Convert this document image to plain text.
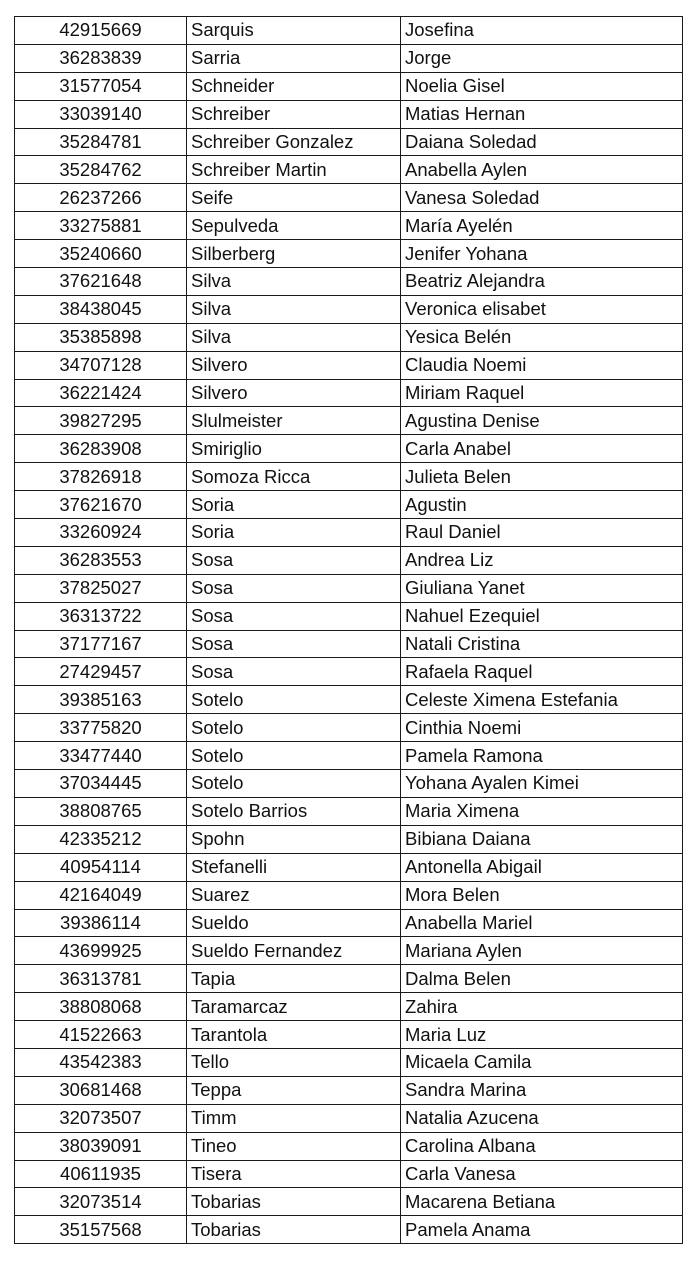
42915669	Sarquis	Josefina
36283839	Sarria	Jorge
31577054	Schneider	Noelia Gisel
33039140	Schreiber	Matias Hernan
35284781	Schreiber Gonzalez	Daiana Soledad
35284762	Schreiber Martin	Anabella Aylen
26237266	Seife	Vanesa Soledad
33275881	Sepulveda	María Ayelén
35240660	Silberberg	Jenifer Yohana
37621648	Silva	Beatriz Alejandra
38438045	Silva	Veronica elisabet
35385898	Silva	Yesica Belén
34707128	Silvero	Claudia Noemi
36221424	Silvero	Miriam Raquel
39827295	Slulmeister	Agustina Denise
36283908	Smiriglio	Carla Anabel
37826918	Somoza Ricca	Julieta Belen
37621670	Soria	Agustin
33260924	Soria	Raul Daniel
36283553	Sosa	Andrea Liz
37825027	Sosa	Giuliana Yanet
36313722	Sosa	Nahuel Ezequiel
37177167	Sosa	Natali Cristina
27429457	Sosa	Rafaela Raquel
39385163	Sotelo	Celeste Ximena Estefania
33775820	Sotelo	Cinthia Noemi
33477440	Sotelo	Pamela Ramona
37034445	Sotelo	Yohana Ayalen Kimei
38808765	Sotelo Barrios	Maria Ximena
42335212	Spohn	Bibiana Daiana
40954114	Stefanelli	Antonella Abigail
42164049	Suarez	Mora Belen
39386114	Sueldo	Anabella Mariel
43699925	Sueldo Fernandez	Mariana Aylen
36313781	Tapia	Dalma Belen
38808068	Taramarcaz	Zahira
41522663	Tarantola	Maria Luz
43542383	Tello	Micaela Camila
30681468	Teppa	Sandra Marina
32073507	Timm	Natalia Azucena
38039091	Tineo	Carolina Albana
40611935	Tisera	Carla Vanesa
32073514	Tobarias	Macarena Betiana
35157568	Tobarias	Pamela Anama
